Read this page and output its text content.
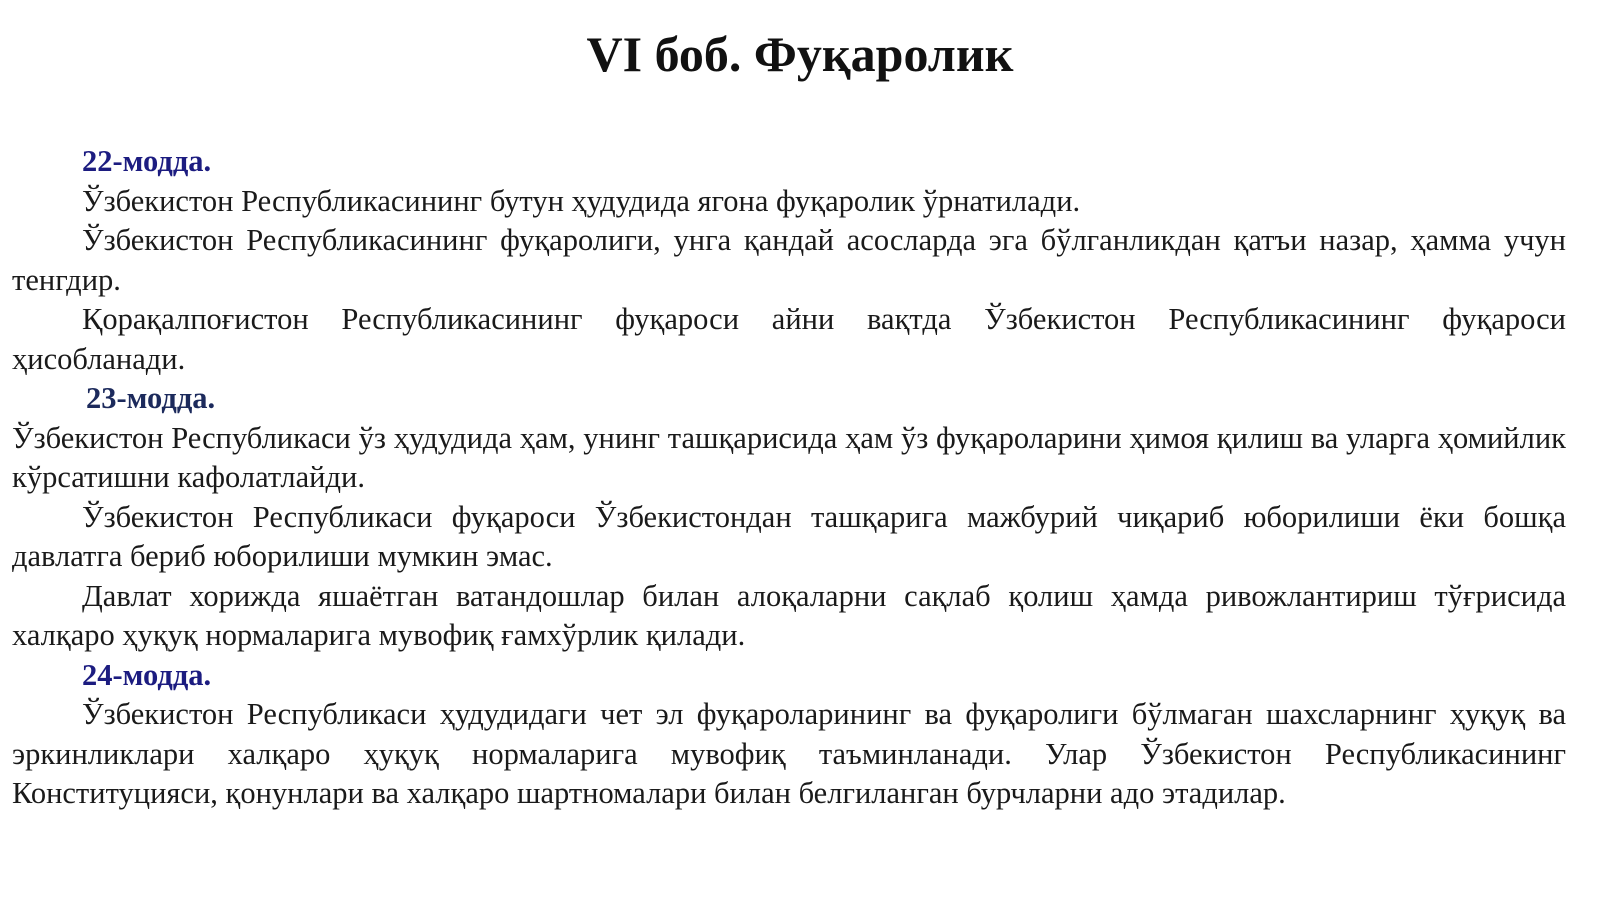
VI боб. Фуқаролик

22-модда.

Ўзбекистон Республикасининг бутун ҳудудида ягона фуқаролик ўрнатилади.

Ўзбекистон Республикасининг фуқаролиги, унга қандай асосларда эга бўлганликдан қатъи назар, ҳамма учун тенгдир.

Қорақалпоғистон Республикасининг фуқароси айни вақтда Ўзбекистон Республикасининг фуқароси ҳисобланади.

23-модда.

Ўзбекистон Республикаси ўз ҳудудида ҳам, унинг ташқарисида ҳам ўз фуқароларини ҳимоя қилиш ва уларга ҳомийлик кўрсатишни кафолатлайди.

Ўзбекистон Республикаси фуқароси Ўзбекистондан ташқарига мажбурий чиқариб юборилиши ёки бошқа давлатга бериб юборилиши мумкин эмас.

Давлат хорижда яшаётган ватандошлар билан алоқаларни сақлаб қолиш ҳамда ривожлантириш тўғрисида халқаро ҳуқуқ нормаларига мувофиқ ғамхўрлик қилади.

24-модда.

Ўзбекистон Республикаси ҳудудидаги чет эл фуқароларининг ва фуқаролиги бўлмаган шахсларнинг ҳуқуқ ва эркинликлари халқаро ҳуқуқ нормаларига мувофиқ таъминланади. Улар Ўзбекистон Республикасининг Конституцияси, қонунлари ва халқаро шартномалари билан белгиланган бурчларни адо этадилар.
